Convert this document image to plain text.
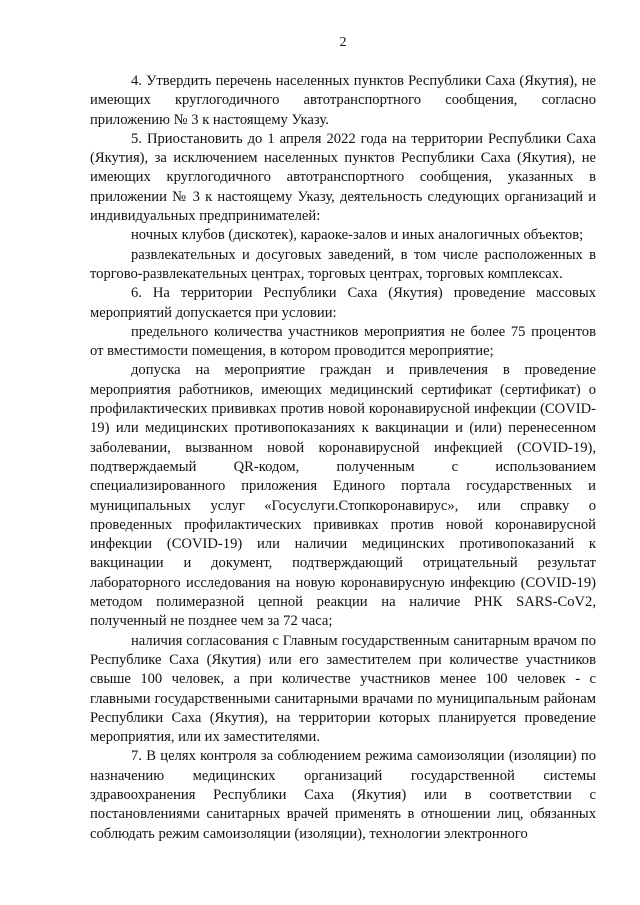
2

4. Утвердить перечень населенных пунктов Республики Саха (Якутия), не имеющих круглогодичного автотранспортного сообщения, согласно приложению № 3 к настоящему Указу.

5. Приостановить до 1 апреля 2022 года на территории Республики Саха (Якутия), за исключением населенных пунктов Республики Саха (Якутия), не имеющих круглогодичного автотранспортного сообщения, указанных в приложении № 3 к настоящему Указу, деятельность следующих организаций и индивидуальных предпринимателей:

ночных клубов (дискотек), караоке-залов и иных аналогичных объектов;

развлекательных и досуговых заведений, в том числе расположенных в торгово-развлекательных центрах, торговых центрах, торговых комплексах.

6. На территории Республики Саха (Якутия) проведение массовых мероприятий допускается при условии:

предельного количества участников мероприятия не более 75 процентов от вместимости помещения, в котором проводится мероприятие;

допуска на мероприятие граждан и привлечения в проведение мероприятия работников, имеющих медицинский сертификат (сертификат) о профилактических прививках против новой коронавирусной инфекции (COVID-19) или медицинских противопоказаниях к вакцинации и (или) перенесенном заболевании, вызванном новой коронавирусной инфекцией (COVID-19), подтверждаемый QR-кодом, полученным с использованием специализированного приложения Единого портала государственных и муниципальных услуг «Госуслуги.Стопкоронавирус», или справку о проведенных профилактических прививках против новой коронавирусной инфекции (COVID-19) или наличии медицинских противопоказаний к вакцинации и документ, подтверждающий отрицательный результат лабораторного исследования на новую коронавирусную инфекцию (COVID-19) методом полимеразной цепной реакции на наличие РНК SARS-CoV2, полученный не позднее чем за 72 часа;

наличия согласования с Главным государственным санитарным врачом по Республике Саха (Якутия) или его заместителем при количестве участников свыше 100 человек, а при количестве участников менее 100 человек - с главными государственными санитарными врачами по муниципальным районам Республики Саха (Якутия), на территории которых планируется проведение мероприятия, или их заместителями.

7. В целях контроля за соблюдением режима самоизоляции (изоляции) по назначению медицинских организаций государственной системы здравоохранения Республики Саха (Якутия) или в соответствии с постановлениями санитарных врачей применять в отношении лиц, обязанных соблюдать режим самоизоляции (изоляции), технологии электронного
